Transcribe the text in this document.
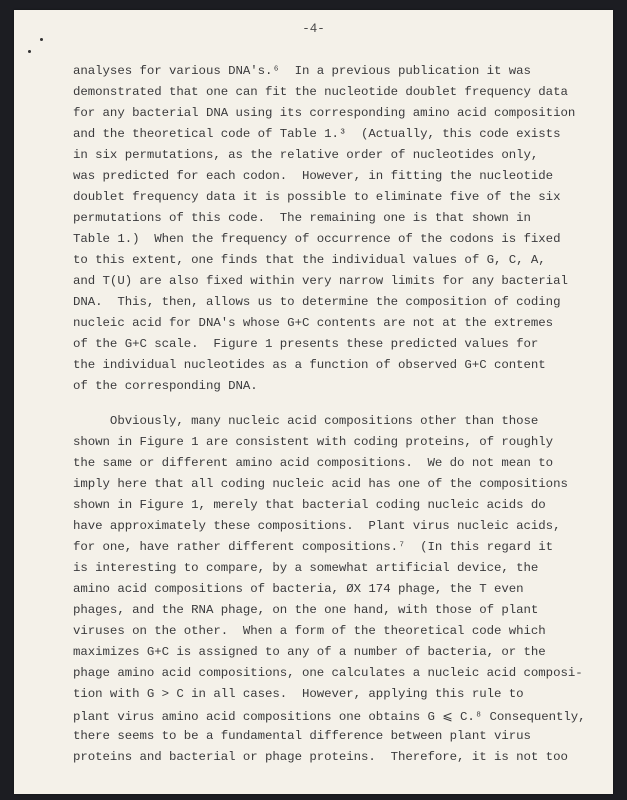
-4-
analyses for various DNA's.⁶  In a previous publication it was
demonstrated that one can fit the nucleotide doublet frequency data
for any bacterial DNA using its corresponding amino acid composition
and the theoretical code of Table 1.³  (Actually, this code exists
in six permutations, as the relative order of nucleotides only,
was predicted for each codon.  However, in fitting the nucleotide
doublet frequency data it is possible to eliminate five of the six
permutations of this code.  The remaining one is that shown in
Table 1.)  When the frequency of occurrence of the codons is fixed
to this extent, one finds that the individual values of G, C, A,
and T(U) are also fixed within very narrow limits for any bacterial
DNA.  This, then, allows us to determine the composition of coding
nucleic acid for DNA's whose G+C contents are not at the extremes
of the G+C scale.  Figure 1 presents these predicted values for
the individual nucleotides as a function of observed G+C content
of the corresponding DNA.
Obviously, many nucleic acid compositions other than those
shown in Figure 1 are consistent with coding proteins, of roughly
the same or different amino acid compositions.  We do not mean to
imply here that all coding nucleic acid has one of the compositions
shown in Figure 1, merely that bacterial coding nucleic acids do
have approximately these compositions.  Plant virus nucleic acids,
for one, have rather different compositions.⁷  (In this regard it
is interesting to compare, by a somewhat artificial device, the
amino acid compositions of bacteria, ØX 174 phage, the T even
phages, and the RNA phage, on the one hand, with those of plant
viruses on the other.  When a form of the theoretical code which
maximizes G+C is assigned to any of a number of bacteria, or the
phage amino acid compositions, one calculates a nucleic acid composi-
tion with G > C in all cases.  However, applying this rule to
plant virus amino acid compositions one obtains G ⩽ C.⁸ Consequently,
there seems to be a fundamental difference between plant virus
proteins and bacterial or phage proteins.  Therefore, it is not too
